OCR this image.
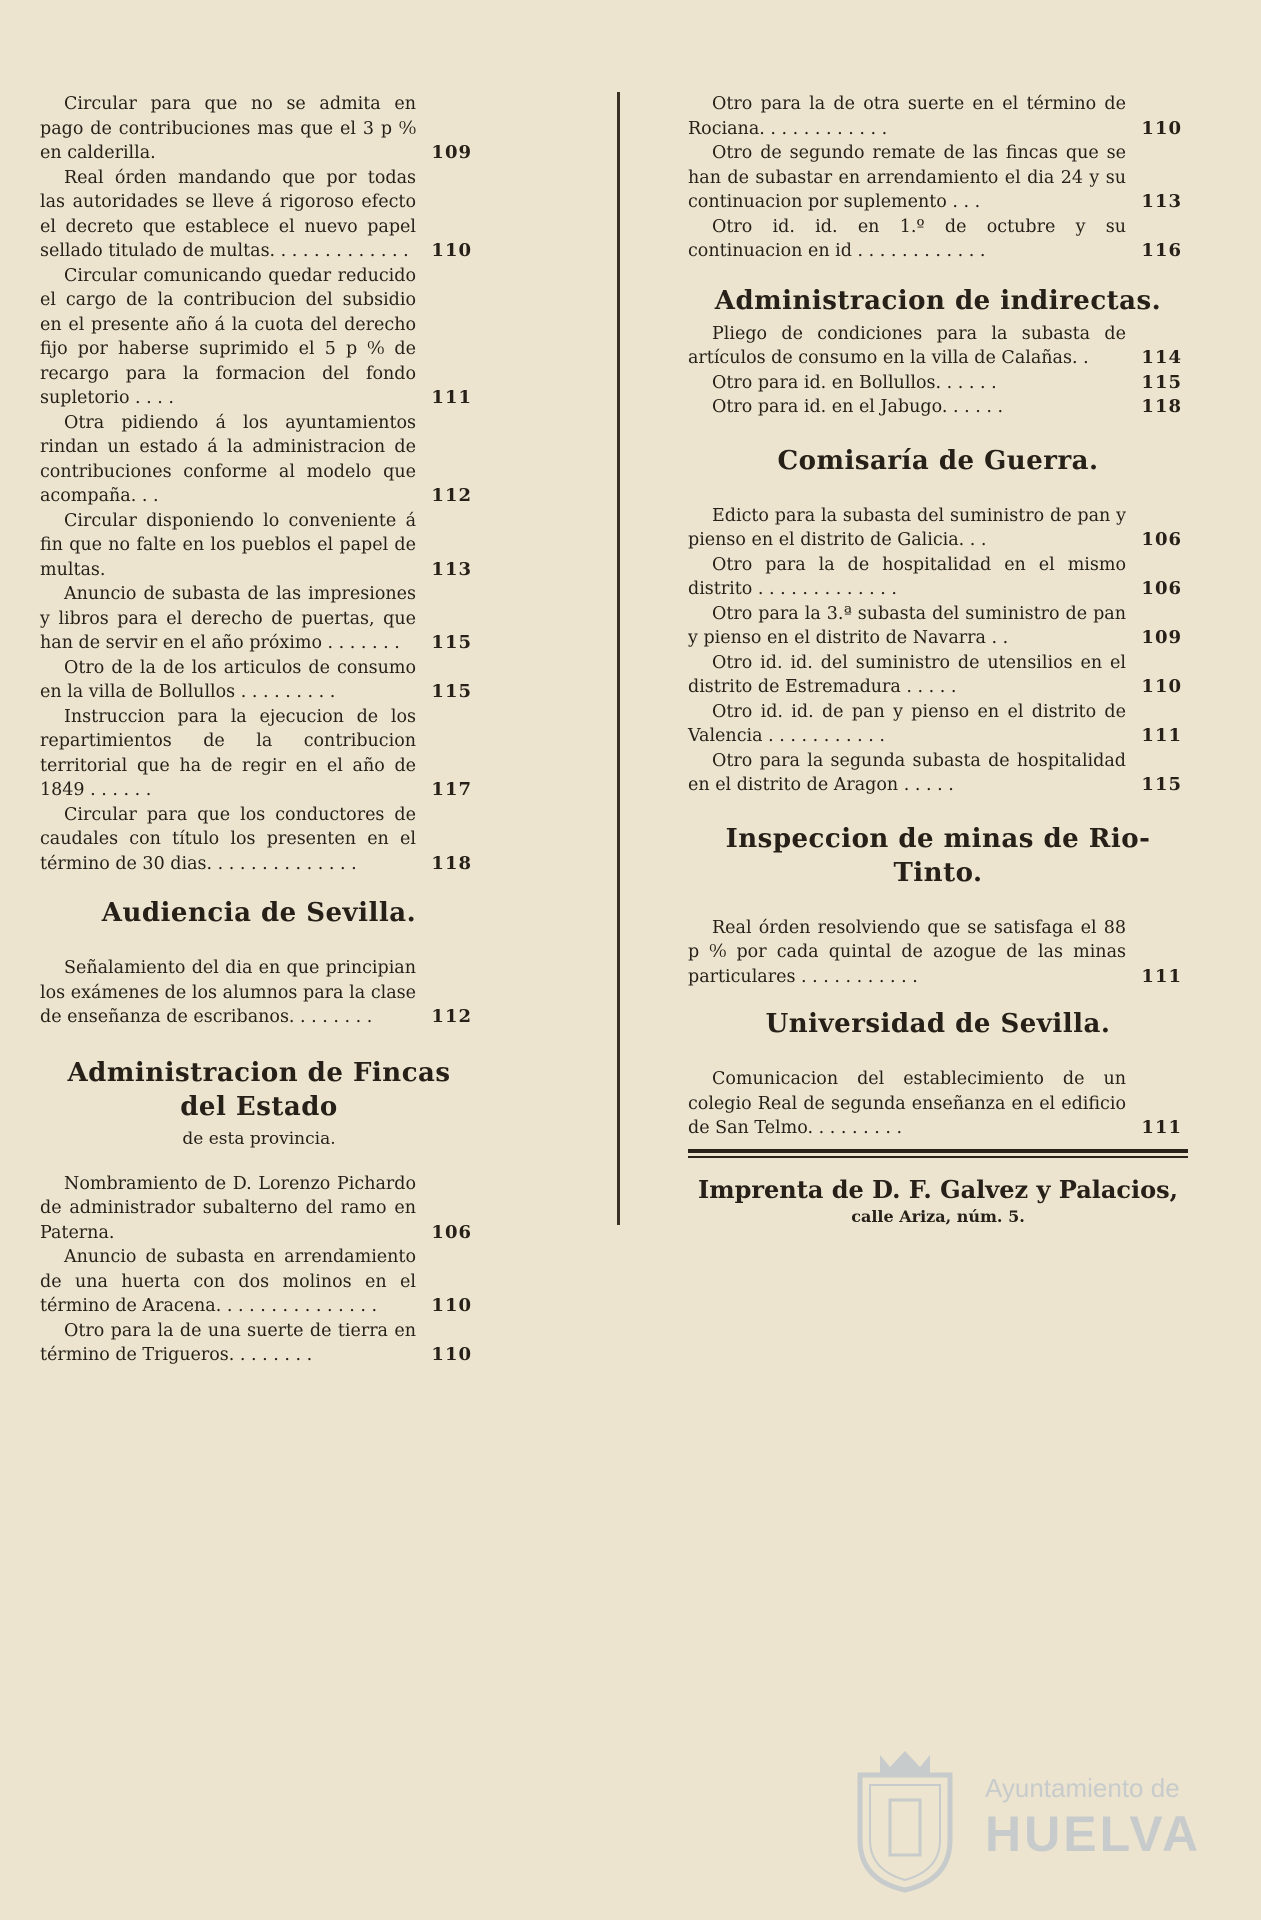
Circular para que no se admita en pago de contribuciones mas que el 3 p ⁰⁄₀ en calderilla.	109
Real órden mandando que por todas las autoridades se lleve á rigoroso efecto el decreto que establece el nuevo papel sellado titulado de multas. . . . . . . . . . . . .	110
Circular comunicando quedar reducido el cargo de la contribucion del subsidio en el presente año á la cuota del derecho fijo por haberse suprimido el 5 p ⁰⁄₀ de recargo para la formacion del fondo supletorio . . . .	111
Otra pidiendo á los ayuntamientos rindan un estado á la administracion de contribuciones conforme al modelo que acompaña. . .	112
Circular disponiendo lo conveniente á fin que no falte en los pueblos el papel de multas.	113
Anuncio de subasta de las impresiones y libros para el derecho de puertas, que han de servir en el año próximo . . . . . . .	115
Otro de la de los articulos de consumo en la villa de Bollullos . . . . . . . . .	115
Instruccion para la ejecucion de los repartimientos de la contribucion territorial que ha de regir en el año de 1849 . . . . . .	117
Circular para que los conductores de caudales con título los presenten en el término de 30 dias. . . . . . . . . . . . . .	118
Audiencia de Sevilla.
Señalamiento del dia en que principian los exámenes de los alumnos para la clase de enseñanza de escribanos. . . . . . . .	112
Administracion de Fincas del Estado
de esta provincia.
Nombramiento de D. Lorenzo Pichardo de administrador subalterno del ramo en Paterna.	106
Anuncio de subasta en arrendamiento de una huerta con dos molinos en el término de Aracena. . . . . . . . . . . . . . .	110
Otro para la de una suerte de tierra en término de Trigueros. . . . . . . .	110
Otro para la de otra suerte en el término de Rociana. . . . . . . . . . . .	110
Otro de segundo remate de las fincas que se han de subastar en arrendamiento el dia 24 y su continuacion por suplemento . . .	113
Otro id. id. en 1.º de octubre y su continuacion en id . . . . . . . . . . . .	116
Administracion de indirectas.
Pliego de condiciones para la subasta de artículos de consumo en la villa de Calañas. .	114
Otro para id. en Bollullos. . . . . .	115
Otro para id. en el Jabugo. . . . . .	118
Comisaría de Guerra.
Edicto para la subasta del suministro de pan y pienso en el distrito de Galicia. . .	106
Otro para la de hospitalidad en el mismo distrito . . . . . . . . . . . . .	106
Otro para la 3.ª subasta del suministro de pan y pienso en el distrito de Navarra . .	109
Otro id. id. del suministro de utensilios en el distrito de Estremadura . . . . .	110
Otro id. id. de pan y pienso en el distrito de Valencia . . . . . . . . . . .	111
Otro para la segunda subasta de hospitalidad en el distrito de Aragon . . . . .	115
Inspeccion de minas de Rio-Tinto.
Real órden resolviendo que se satisfaga el 88 p ⁰⁄₀ por cada quintal de azogue de las minas particulares . . . . . . . . . . .	111
Universidad de Sevilla.
Comunicacion del establecimiento de un colegio Real de segunda enseñanza en el edificio de San Telmo. . . . . . . . .	111
Imprenta de D. F. Galvez y Palacios,
calle Ariza, núm. 5.
Ayuntamiento de
HUELVA
